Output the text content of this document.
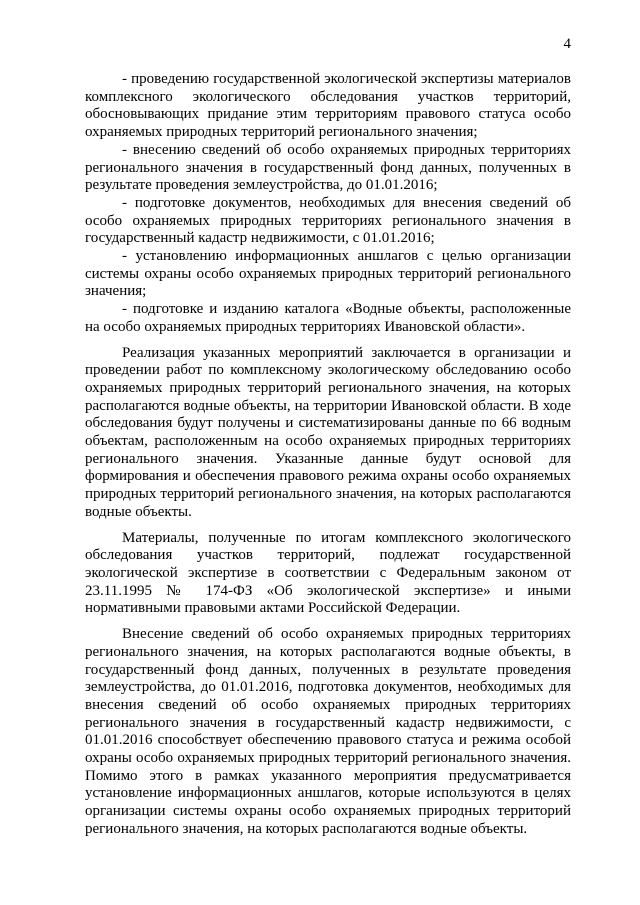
4

- проведению государственной экологической экспертизы материалов комплексного экологического обследования участков территорий, обосновывающих придание этим территориям правового статуса особо охраняемых природных территорий регионального значения;

- внесению сведений об особо охраняемых природных территориях регионального значения в государственный фонд данных, полученных в результате проведения землеустройства, до 01.01.2016;

- подготовке документов, необходимых для внесения сведений об особо охраняемых природных территориях регионального значения в государственный кадастр недвижимости, с 01.01.2016;

- установлению информационных аншлагов с целью организации системы охраны особо охраняемых природных территорий регионального значения;

- подготовке и изданию каталога «Водные объекты, расположенные на особо охраняемых природных территориях Ивановской области».

Реализация указанных мероприятий заключается в организации и проведении работ по комплексному экологическому обследованию особо охраняемых природных территорий регионального значения, на которых располагаются водные объекты, на территории Ивановской области. В ходе обследования будут получены и систематизированы данные по 66 водным объектам, расположенным на особо охраняемых природных территориях регионального значения. Указанные данные будут основой для формирования и обеспечения правового режима охраны особо охраняемых природных территорий регионального значения, на которых располагаются водные объекты.

Материалы, полученные по итогам комплексного экологического обследования участков территорий, подлежат государственной экологической экспертизе в соответствии с Федеральным законом от 23.11.1995 № 174-ФЗ «Об экологической экспертизе» и иными нормативными правовыми актами Российской Федерации.

Внесение сведений об особо охраняемых природных территориях регионального значения, на которых располагаются водные объекты, в государственный фонд данных, полученных в результате проведения землеустройства, до 01.01.2016, подготовка документов, необходимых для внесения сведений об особо охраняемых природных территориях регионального значения в государственный кадастр недвижимости, с 01.01.2016 способствует обеспечению правового статуса и режима особой охраны особо охраняемых природных территорий регионального значения. Помимо этого в рамках указанного мероприятия предусматривается установление информационных аншлагов, которые используются в целях организации системы охраны особо охраняемых природных территорий регионального значения, на которых располагаются водные объекты.
